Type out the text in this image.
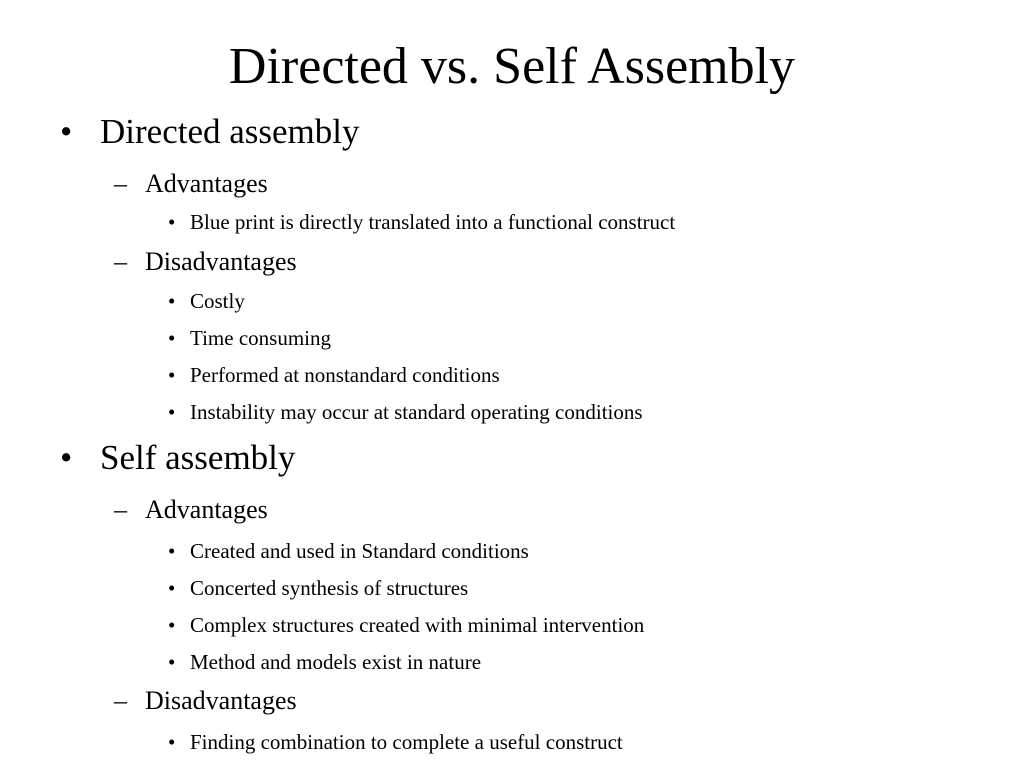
Directed vs. Self Assembly
• Directed assembly
– Advantages
• Blue print is directly translated into a functional construct
– Disadvantages
• Costly
• Time consuming
• Performed at nonstandard conditions
• Instability may occur at standard operating conditions
• Self assembly
– Advantages
• Created and used in Standard conditions
• Concerted synthesis of structures
• Complex structures created with minimal intervention
• Method and models exist in nature
– Disadvantages
• Finding combination to complete a useful construct
